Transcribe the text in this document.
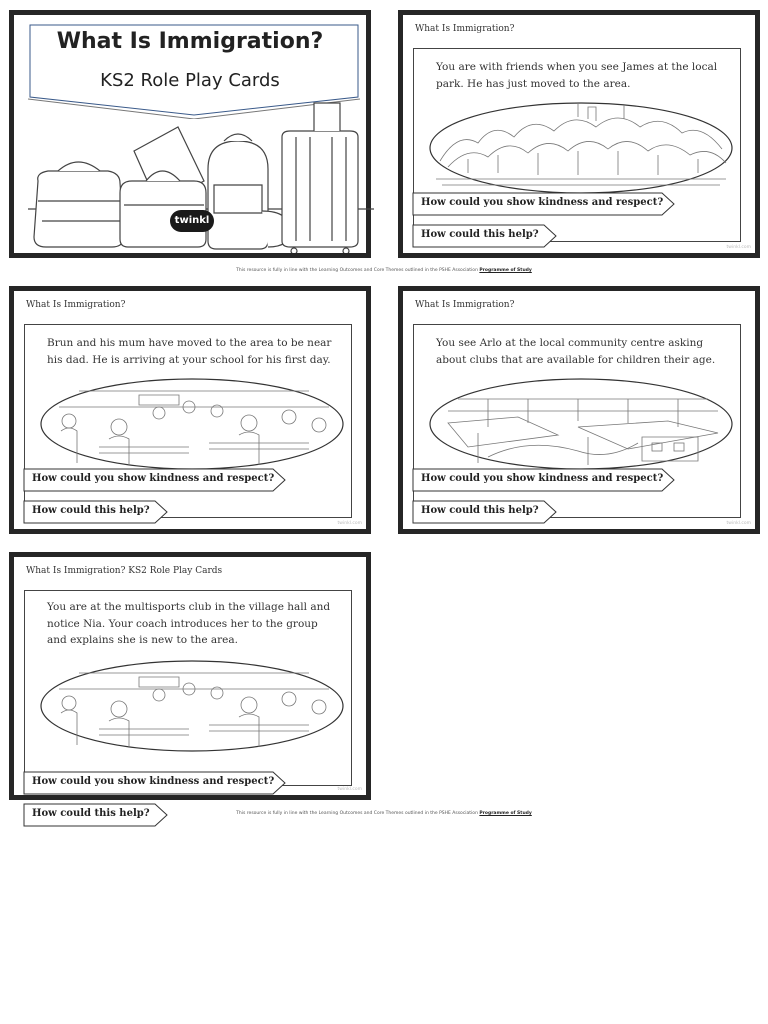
What Is Immigration?
KS2 Role Play Cards
twinkl
What Is Immigration?
You are with friends when you see James at the local park. He has just moved to the area.
How could you show kindness and respect?
How could this help?
twinkl.com
What Is Immigration?
Brun and his mum have moved to the area to be near his dad. He is arriving at your school for his first day.
How could you show kindness and respect?
How could this help?
twinkl.com
What Is Immigration?
You see Arlo at the local community centre asking about clubs that are available for children their age.
How could you show kindness and respect?
How could this help?
twinkl.com
What Is Immigration? KS2 Role Play Cards
You are at the multisports club in the village hall and notice Nia. Your coach introduces her to the group and explains she is new to the area.
How could you show kindness and respect?
How could this help?
twinkl.com
This resource is fully in line with the Learning Outcomes and Core Themes outlined in the PSHE Association Programme of Study
This resource is fully in line with the Learning Outcomes and Core Themes outlined in the PSHE Association Programme of Study
